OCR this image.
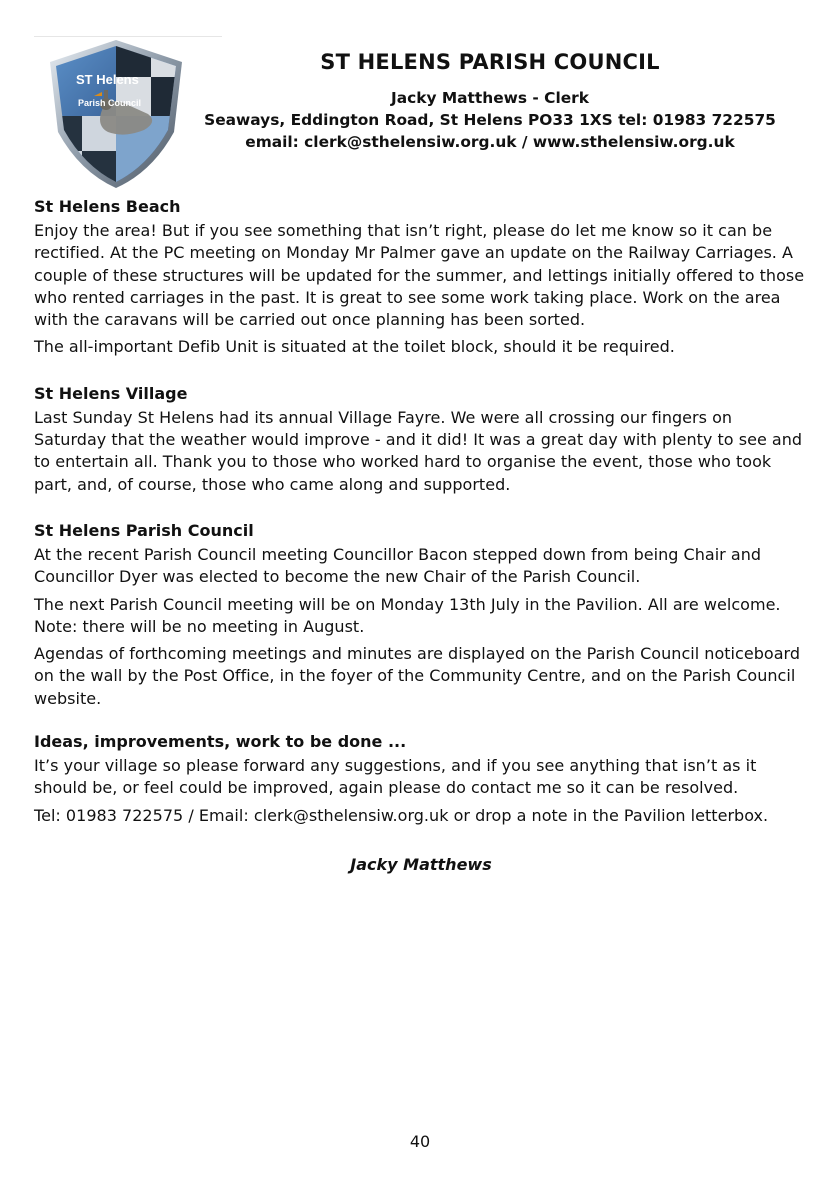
ST Helens
Parish Council
ST HELENS PARISH COUNCIL
Jacky Matthews - Clerk
Seaways, Eddington Road, St Helens PO33 1XS tel: 01983 722575
email: clerk@sthelensiw.org.uk / www.sthelensiw.org.uk
St Helens Beach
Enjoy the area! But if you see something that isn’t right, please do let me know so it can be rectified. At the PC meeting on Monday Mr Palmer gave an update on the Railway Carriages. A couple of these structures will be updated for the summer, and lettings initially offered to those who rented carriages in the past. It is great to see some work taking place. Work on the area with the caravans will be carried out once planning has been sorted.
The all-important Defib Unit is situated at the toilet block, should it be required.
St Helens Village
Last Sunday St Helens had its annual Village Fayre. We were all crossing our fingers on Saturday that the weather would improve - and it did! It was a great day with plenty to see and to entertain all. Thank you to those who worked hard to organise the event, those who took part, and, of course, those who came along and supported.
St Helens Parish Council
At the recent Parish Council meeting Councillor Bacon stepped down from being Chair and Councillor Dyer was elected to become the new Chair of the Parish Council.
The next Parish Council meeting will be on Monday 13th July in the Pavilion. All are welcome. Note: there will be no meeting in August.
Agendas of forthcoming meetings and minutes are displayed on the Parish Council noticeboard on the wall by the Post Office, in the foyer of the Community Centre, and on the Parish Council website.
Ideas, improvements, work to be done ...
It’s your village so please forward any suggestions, and if you see anything that isn’t as it should be, or feel could be improved, again please do contact me so it can be resolved.
Tel: 01983 722575 / Email: clerk@sthelensiw.org.uk or drop a note in the Pavilion letterbox.
Jacky Matthews
40
